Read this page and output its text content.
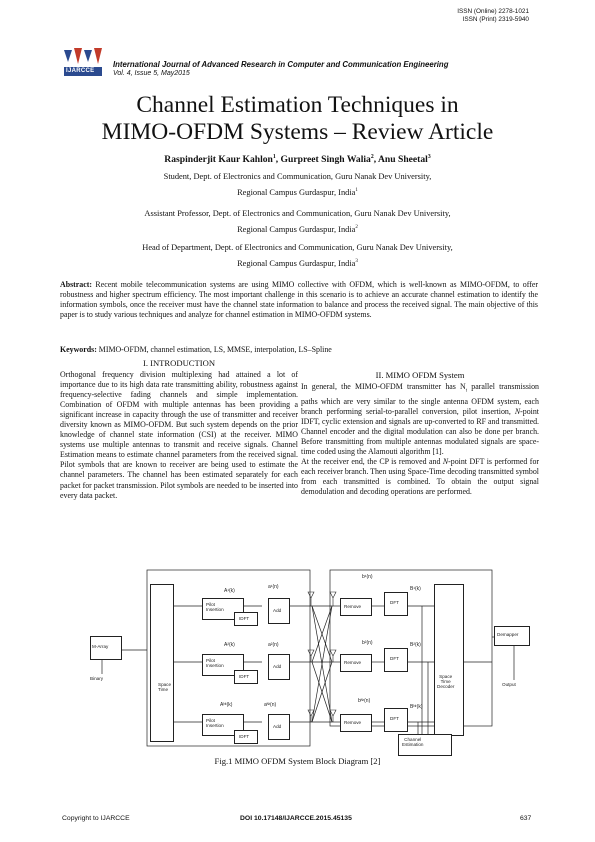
ISSN (Online) 2278-1021
ISSN (Print) 2319-5940
IJARCCE
International Journal of Advanced Research in Computer and Communication Engineering
Vol. 4, Issue 5, May2015
Channel Estimation Techniques in
MIMO-OFDM Systems – Review Article
Raspinderjit Kaur Kahlon$^1$, Gurpreet Singh Walia$^2$, Anu Sheetal$^3$
Student, Dept. of Electronics and Communication, Guru Nanak Dev University,
Regional Campus Gurdaspur, India$^1$
Assistant Professor, Dept. of Electronics and Communication, Guru Nanak Dev University,
Regional Campus Gurdaspur, India$^2$
Head of Department, Dept. of Electronics and Communication, Guru Nanak Dev University,
Regional Campus Gurdaspur, India$^3$
Abstract: Recent mobile telecommunication systems are using MIMO collective with OFDM, which is well-known as MIMO-OFDM, to offer robustness and higher spectrum efficiency. The most important challenge in this scenario is to achieve an accurate channel estimation to identify the information symbols, once the receiver must have the channel state information to balance and process the received signal. The main objective of this paper is to study various techniques and analyze for channel estimation in MIMO-OFDM systems.
Keywords: MIMO-OFDM, channel estimation, LS, MMSE, interpolation, LS–Spline
I. INTRODUCTION
Orthogonal frequency division multiplexing had attained a lot of importance due to its high data rate transmitting ability, robustness against frequency-selective fading channels and simple implementation. Combination of OFDM with multiple antennas has been providing a significant increase in capacity through the use of transmitter and receiver diversity known as MIMO-OFDM. But such system depends on the prior knowledge of channel state information (CSI) at the receiver. MIMO systems use multiple antennas to transmit and receive signals. Channel Estimation means to estimate channel parameters from the received signal. Pilot symbols that are known to receiver are being used to estimate the channel parameters. The channel has been estimated separately for each packet for packet transmission. Pilot symbols are needed to be inserted into every data packet.
II. MIMO OFDM System
In general, the MIMO-OFDM transmitter has $N_t$ parallel transmission paths which are very similar to the single antenna OFDM system, each branch performing serial-to-parallel conversion, pilot insertion, N-point IDFT, cyclic extension and signals are up-converted to RF and transmitted. Channel encoder and the digital modulation can also be done per branch. Before transmitting from multiple antennas modulated signals are space-time coded using the Alamouti algorithm [1].
At the receiver end, the CP is removed and N-point DFT is performed for each receiver branch. Then using Space-Time decoding transmitted symbol from each transmitted is combined. To obtain the output signal demodulation and decoding operations are performed.
M-Array
Binary
Space
Time
Pilot
Insertion
Pilot
Insertion
Pilot
Insertion
IDFT
IDFT
IDFT
Add
Add
Add
A¹(k)
A²(k)
Aᴺᵗ(k)
a¹(n)
a²(n)
aᴺᵗ(n)
Remove
Remove
Remove
DFT
DFT
DFT
b¹(n)
b²(n)
bᴺʳ(n)
B¹(k)
B²(k)
Bᴺʳ(k)
Space
Time
Decoder
Channel
Estimation
Demapper
Output
Fig.1 MIMO OFDM System Block Diagram [2]
Copyright to IJARCCE	DOI 10.17148/IJARCCE.2015.45135	637
